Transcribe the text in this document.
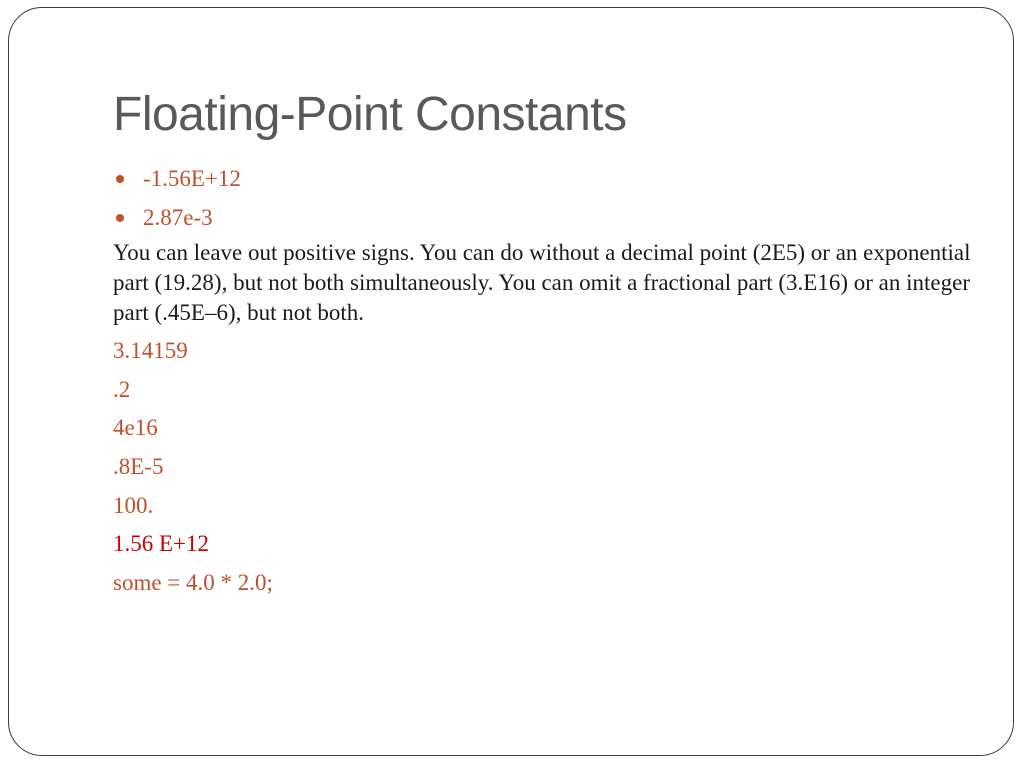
Floating-Point Constants
-1.56E+12
2.87e-3
You can leave out positive signs. You can do without a decimal point (2E5) or an exponential part (19.28), but not both simultaneously. You can omit a fractional part (3.E16) or an integer part (.45E–6), but not both.
3.14159
.2
4e16
.8E-5
100.
1.56 E+12
some = 4.0 * 2.0;
